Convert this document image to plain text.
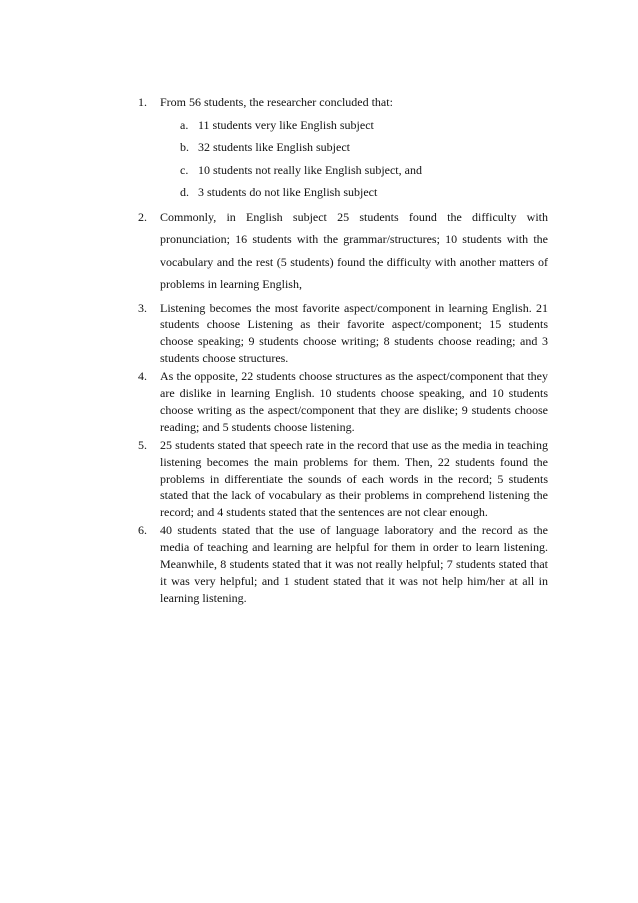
1. From 56 students, the researcher concluded that:
a. 11 students very like English subject
b. 32 students like English subject
c. 10 students not really like English subject, and
d. 3 students do not like English subject
2. Commonly, in English subject 25 students found the difficulty with pronunciation; 16 students with the grammar/structures; 10 students with the vocabulary and the rest (5 students) found the difficulty with another matters of problems in learning English,
3. Listening becomes the most favorite aspect/component in learning English. 21 students choose Listening as their favorite aspect/component; 15 students choose speaking; 9 students choose writing; 8 students choose reading; and 3 students choose structures.
4. As the opposite, 22 students choose structures as the aspect/component that they are dislike in learning English. 10 students choose speaking, and 10 students choose writing as the aspect/component that they are dislike; 9 students choose reading; and 5 students choose listening.
5. 25 students stated that speech rate in the record that use as the media in teaching listening becomes the main problems for them. Then, 22 students found the problems in differentiate the sounds of each words in the record; 5 students stated that the lack of vocabulary as their problems in comprehend listening the record; and 4 students stated that the sentences are not clear enough.
6. 40 students stated that the use of language laboratory and the record as the media of teaching and learning are helpful for them in order to learn listening. Meanwhile, 8 students stated that it was not really helpful; 7 students stated that it was very helpful; and 1 student stated that it was not help him/her at all in learning listening.
